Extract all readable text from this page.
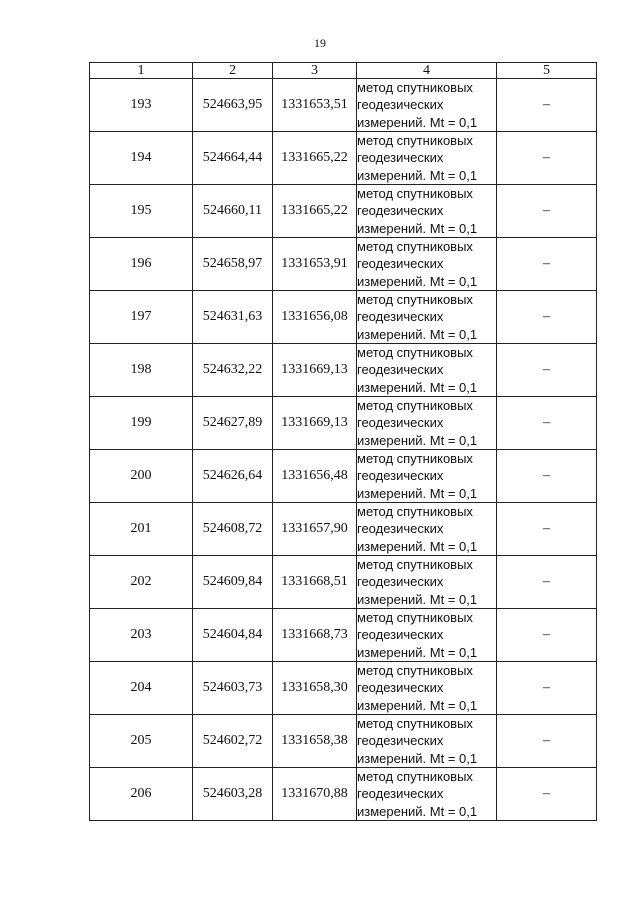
19
1	2	3	4	5
193	524663,95	1331653,51	метод спутниковых
геодезических
измерений. Mt = 0,1	–
194	524664,44	1331665,22	метод спутниковых
геодезических
измерений. Mt = 0,1	–
195	524660,11	1331665,22	метод спутниковых
геодезических
измерений. Mt = 0,1	–
196	524658,97	1331653,91	метод спутниковых
геодезических
измерений. Mt = 0,1	–
197	524631,63	1331656,08	метод спутниковых
геодезических
измерений. Mt = 0,1	–
198	524632,22	1331669,13	метод спутниковых
геодезических
измерений. Mt = 0,1	–
199	524627,89	1331669,13	метод спутниковых
геодезических
измерений. Mt = 0,1	–
200	524626,64	1331656,48	метод спутниковых
геодезических
измерений. Mt = 0,1	–
201	524608,72	1331657,90	метод спутниковых
геодезических
измерений. Mt = 0,1	–
202	524609,84	1331668,51	метод спутниковых
геодезических
измерений. Mt = 0,1	–
203	524604,84	1331668,73	метод спутниковых
геодезических
измерений. Mt = 0,1	–
204	524603,73	1331658,30	метод спутниковых
геодезических
измерений. Mt = 0,1	–
205	524602,72	1331658,38	метод спутниковых
геодезических
измерений. Mt = 0,1	–
206	524603,28	1331670,88	метод спутниковых
геодезических
измерений. Mt = 0,1	–
